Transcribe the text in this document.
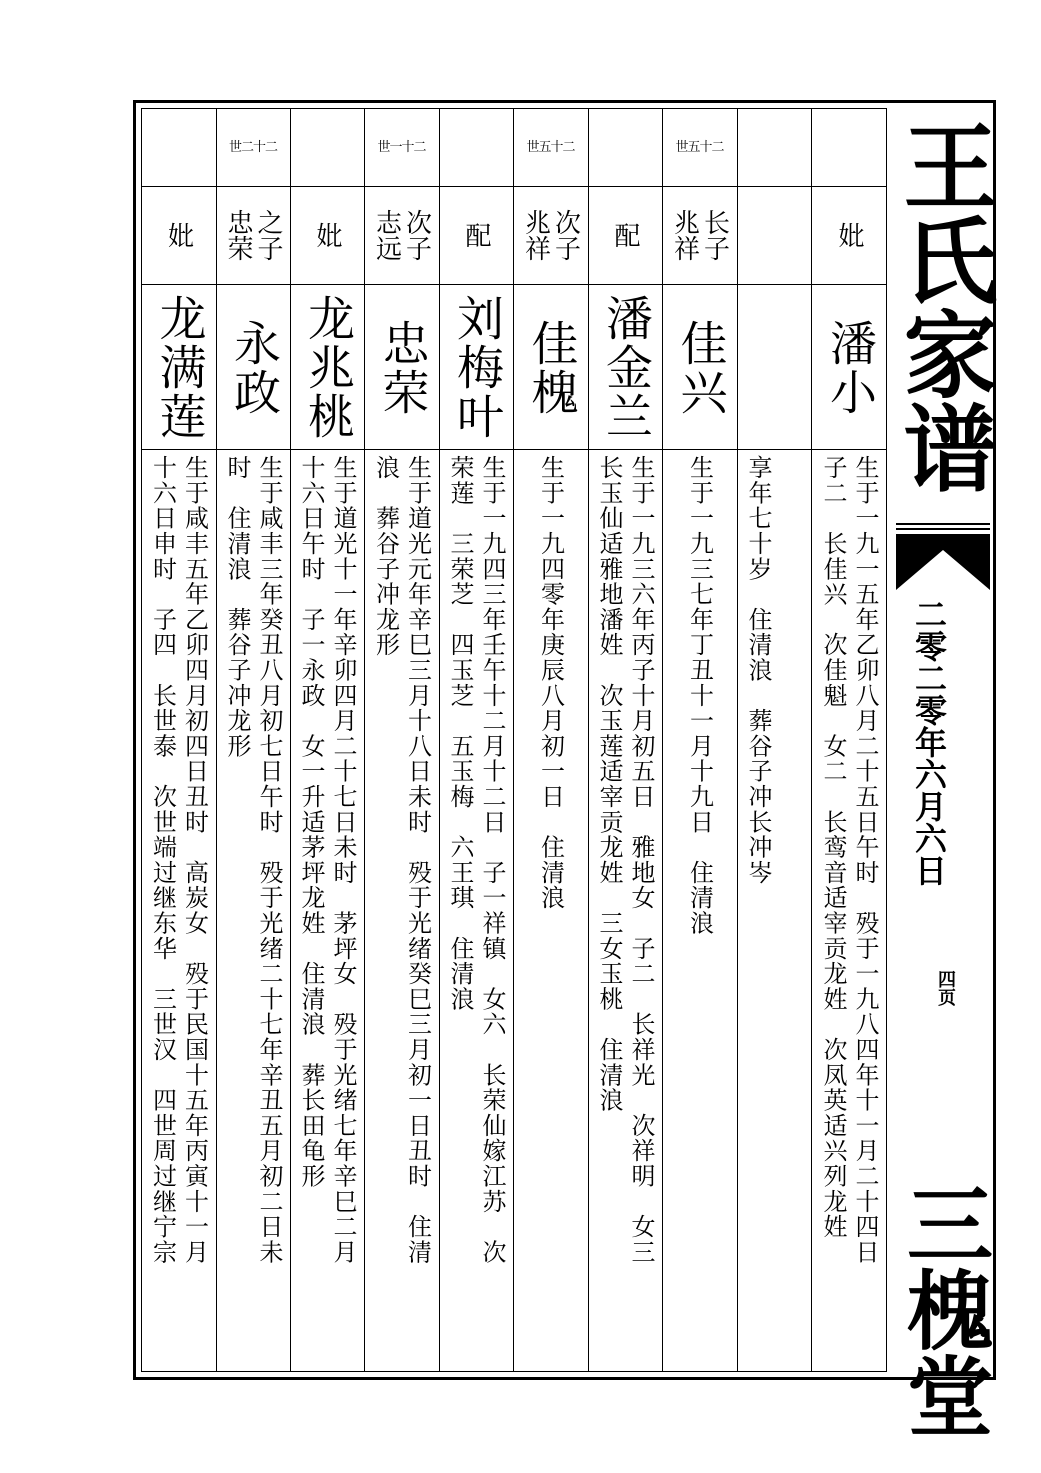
妣
潘小
生于一九一五年乙卯八月二十五日午时　殁于一九八四年十一月二十四日
子二　长佳兴　次佳魁　女二　长鸾音适宰贡龙姓　次凤英适兴列龙姓

享年七十岁　住清浪　葬谷子冲长冲岑
世五十二
长子
兆祥
佳兴
生于一九三七年丁丑十一月十九日　住清浪
配
潘金兰
生于一九三六年丙子十月初五日　雅地女　子二　长祥光　次祥明　女三
长玉仙适雅地潘姓　次玉莲适宰贡龙姓　三女玉桃　住清浪
世五十二
次子
兆祥
佳槐
生于一九四零年庚辰八月初一日　住清浪
配
刘梅叶
生于一九四三年壬午十二月十二日　子一祥镇　女六　长荣仙嫁江苏　次
荣莲　三荣芝　四玉芝　五玉梅　六王琪　住清浪
世一十二
次子
志远
忠荣
生于道光元年辛巳三月十八日未时　殁于光绪癸巳三月初一日丑时　住清
浪　葬谷子冲龙形
妣
龙兆桃
生于道光十一年辛卯四月二十七日未时　茅坪女　殁于光绪七年辛巳二月
十六日午时　子一永政　女一升适茅坪龙姓　住清浪　葬长田龟形
世二十二
之子
忠荣
永政
生于咸丰三年癸丑八月初七日午时　殁于光绪二十七年辛丑五月初二日未
时　住清浪　葬谷子冲龙形
妣
龙满莲
生于咸丰五年乙卯四月初四日丑时　高炭女　殁于民国十五年丙寅十一月
十六日申时　子四　长世泰　次世端过继东华　三世汉　四世周过继宁宗
王氏家谱
二零二零年六月六日
四页
三槐堂
